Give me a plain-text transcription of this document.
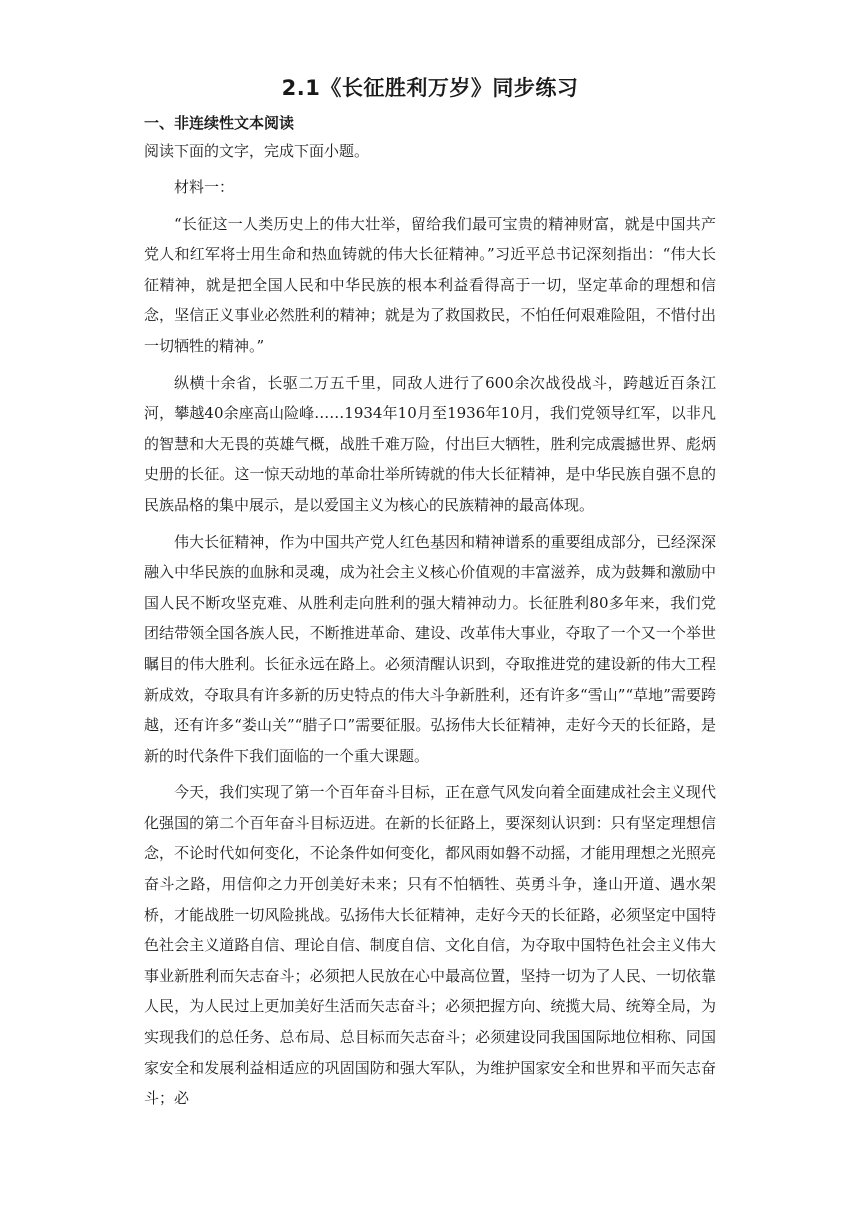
2.1《长征胜利万岁》同步练习
一、非连续性文本阅读
阅读下面的文字，完成下面小题。

材料一：

“长征这一人类历史上的伟大壮举，留给我们最可宝贵的精神财富，就是中国共产党人和红军将士用生命和热血铸就的伟大长征精神。”习近平总书记深刻指出：“伟大长征精神，就是把全国人民和中华民族的根本利益看得高于一切，坚定革命的理想和信念，坚信正义事业必然胜利的精神；就是为了救国救民，不怕任何艰难险阻，不惜付出一切牺牲的精神。”

纵横十余省，长驱二万五千里，同敌人进行了600余次战役战斗，跨越近百条江河，攀越40余座高山险峰……1934年10月至1936年10月，我们党领导红军，以非凡的智慧和大无畏的英雄气概，战胜千难万险，付出巨大牺牲，胜利完成震撼世界、彪炳史册的长征。这一惊天动地的革命壮举所铸就的伟大长征精神，是中华民族自强不息的民族品格的集中展示，是以爱国主义为核心的民族精神的最高体现。

伟大长征精神，作为中国共产党人红色基因和精神谱系的重要组成部分，已经深深融入中华民族的血脉和灵魂，成为社会主义核心价值观的丰富滋养，成为鼓舞和激励中国人民不断攻坚克难、从胜利走向胜利的强大精神动力。长征胜利80多年来，我们党团结带领全国各族人民，不断推进革命、建设、改革伟大事业，夺取了一个又一个举世瞩目的伟大胜利。长征永远在路上。必须清醒认识到，夺取推进党的建设新的伟大工程新成效，夺取具有许多新的历史特点的伟大斗争新胜利，还有许多“雪山”“草地”需要跨越，还有许多“娄山关”“腊子口”需要征服。弘扬伟大长征精神，走好今天的长征路，是新的时代条件下我们面临的一个重大课题。

今天，我们实现了第一个百年奋斗目标，正在意气风发向着全面建成社会主义现代化强国的第二个百年奋斗目标迈进。在新的长征路上，要深刻认识到：只有坚定理想信念，不论时代如何变化，不论条件如何变化，都风雨如磐不动摇，才能用理想之光照亮奋斗之路，用信仰之力开创美好未来；只有不怕牺牲、英勇斗争，逢山开道、遇水架桥，才能战胜一切风险挑战。弘扬伟大长征精神，走好今天的长征路，必须坚定中国特色社会主义道路自信、理论自信、制度自信、文化自信，为夺取中国特色社会主义伟大事业新胜利而矢志奋斗；必须把人民放在心中最高位置，坚持一切为了人民、一切依靠人民，为人民过上更加美好生活而矢志奋斗；必须把握方向、统揽大局、统筹全局，为实现我们的总任务、总布局、总目标而矢志奋斗；必须建设同我国国际地位相称、同国家安全和发展利益相适应的巩固国防和强大军队，为维护国家安全和世界和平而矢志奋斗；必
